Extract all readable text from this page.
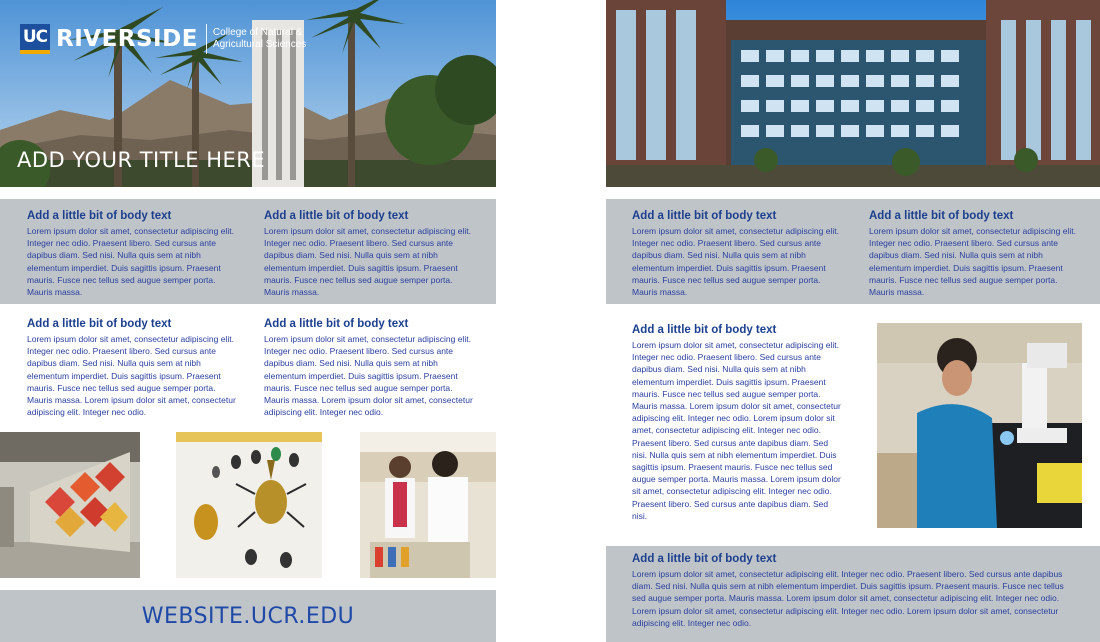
UC RIVERSIDE College of Natural &
Agricultural Sciences
ADD YOUR TITLE HERE
Add a little bit of body text

Lorem ipsum dolor sit amet, consectetur adipiscing elit. Integer nec odio. Praesent libero. Sed cursus ante dapibus diam. Sed nisi. Nulla quis sem at nibh elementum imperdiet. Duis sagittis ipsum. Praesent mauris. Fusce nec tellus sed augue semper porta. Mauris massa.

Add a little bit of body text

Lorem ipsum dolor sit amet, consectetur adipiscing elit. Integer nec odio. Praesent libero. Sed cursus ante dapibus diam. Sed nisi. Nulla quis sem at nibh elementum imperdiet. Duis sagittis ipsum. Praesent mauris. Fusce nec tellus sed augue semper porta. Mauris massa.

Add a little bit of body text

Lorem ipsum dolor sit amet, consectetur adipiscing elit. Integer nec odio. Praesent libero. Sed cursus ante dapibus diam. Sed nisi. Nulla quis sem at nibh elementum imperdiet. Duis sagittis ipsum. Praesent mauris. Fusce nec tellus sed augue semper porta. Mauris massa. Lorem ipsum dolor sit amet, consectetur adipiscing elit. Integer nec odio.

Add a little bit of body text

Lorem ipsum dolor sit amet, consectetur adipiscing elit. Integer nec odio. Praesent libero. Sed cursus ante dapibus diam. Sed nisi. Nulla quis sem at nibh elementum imperdiet. Duis sagittis ipsum. Praesent mauris. Fusce nec tellus sed augue semper porta. Mauris massa. Lorem ipsum dolor sit amet, consectetur adipiscing elit. Integer nec odio.

WEBSITE.UCR.EDU
Add a little bit of body text

Lorem ipsum dolor sit amet, consectetur adipiscing elit. Integer nec odio. Praesent libero. Sed cursus ante dapibus diam. Sed nisi. Nulla quis sem at nibh elementum imperdiet. Duis sagittis ipsum. Praesent mauris. Fusce nec tellus sed augue semper porta. Mauris massa.

Add a little bit of body text

Lorem ipsum dolor sit amet, consectetur adipiscing elit. Integer nec odio. Praesent libero. Sed cursus ante dapibus diam. Sed nisi. Nulla quis sem at nibh elementum imperdiet. Duis sagittis ipsum. Praesent mauris. Fusce nec tellus sed augue semper porta. Mauris massa.

Add a little bit of body text

Lorem ipsum dolor sit amet, consectetur adipiscing elit. Integer nec odio. Praesent libero. Sed cursus ante dapibus diam. Sed nisi. Nulla quis sem at nibh elementum imperdiet. Duis sagittis ipsum. Praesent mauris. Fusce nec tellus sed augue semper porta. Mauris massa. Lorem ipsum dolor sit amet, consectetur adipiscing elit. Integer nec odio. Lorem ipsum dolor sit amet, consectetur adipiscing elit. Integer nec odio. Praesent libero. Sed cursus ante dapibus diam. Sed nisi. Nulla quis sem at nibh elementum imperdiet. Duis sagittis ipsum. Praesent mauris. Fusce nec tellus sed augue semper porta. Mauris massa. Lorem ipsum dolor sit amet, consectetur adipiscing elit. Integer nec odio. Praesent libero. Sed cursus ante dapibus diam. Sed nisi.

Add a little bit of body text

Lorem ipsum dolor sit amet, consectetur adipiscing elit. Integer nec odio. Praesent libero. Sed cursus ante dapibus diam. Sed nisi. Nulla quis sem at nibh elementum imperdiet. Duis sagittis ipsum. Praesent mauris. Fusce nec tellus sed augue semper porta. Mauris massa. Lorem ipsum dolor sit amet, consectetur adipiscing elit. Integer nec odio. Lorem ipsum dolor sit amet, consectetur adipiscing elit. Integer nec odio. Lorem ipsum dolor sit amet, consectetur adipiscing elit. Integer nec odio.
